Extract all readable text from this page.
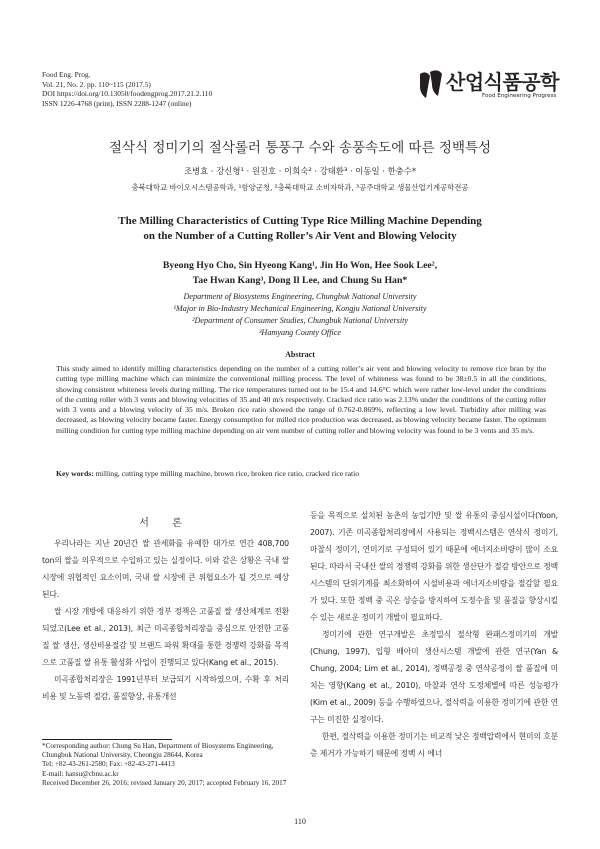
Food Eng. Prog.
Vol. 21, No. 2. pp. 110~115 (2017.5)
DOI https://doi.org/10.13050/foodengprog.2017.21.2.110
ISSN 1226-4768 (print), ISSN 2288-1247 (online)
산업식품공학
Food Engineering Progress
절삭식 정미기의 절삭롤러 통풍구 수와 송풍속도에 따른 정백특성
조병효 · 강신형¹ · 원진호 · 이희숙² · 강태환³ · 이동일 · 한충수*
충북대학교 바이오시스템공학과, ¹함양군청, ²충북대학교 소비자학과, ³공주대학교 생물산업기계공학전공
The Milling Characteristics of Cutting Type Rice Milling Machine Depending
on the Number of a Cutting Roller’s Air Vent and Blowing Velocity
Byeong Hyo Cho, Sin Hyeong Kang¹, Jin Ho Won, Hee Sook Lee²,
Tae Hwan Kang³, Dong Il Lee, and Chung Su Han*
Department of Biosystems Engineering, Chungbuk National University
¹Major in Bio-Industry Mechanical Engineering, Kongju National University
²Department of Consumer Studies, Chungbuk National University
³Hamyang County Office
Abstract
This study aimed to identify milling characteristics depending on the number of a cutting roller’s air vent and blowing velocity to remove rice bran by the cutting type milling machine which can minimize the conventional milling process. The level of whiteness was found to be 38±0.5 in all the conditions, showing consistent whiteness levels during milling. The rice temperatures turned out to be 15.4 and 14.6°C which were rather low-level under the conditions of the cutting roller with 3 vents and blowing velocities of 35 and 40 m/s respectively. Cracked rice ratio was 2.13% under the conditions of the cutting roller with 3 vents and a blowing velocity of 35 m/s. Broken rice ratio showed the range of 0.762-0.869%, reflecting a low level. Turbidity after milling was decreased, as blowing velocity became faster. Energy consumption for milled rice production was decreased, as blowing velocity became faster. The optimum milling condition for cutting type milling machine depending on air vent number of cutting roller and blowing velocity was found to be 3 vents and 35 m/s.
Key words: milling, cutting type milling machine, brown rice, broken rice ratio, cracked rice ratio
서 론

우리나라는 지난 20년간 쌀 관세화를 유예한 대가로 연간 408,700 ton의 쌀을 의무적으로 수입하고 있는 실정이다. 이와 같은 상황은 국내 쌀 시장에 위협적인 요소이며, 국내 쌀 시장에 큰 위협요소가 될 것으로 예상된다.

쌀 시장 개방에 대응하기 위한 정부 정책은 고품질 쌀 생산체계로 전환되었고(Lee et al., 2013), 최근 미곡종합처리장을 중심으로 안전한 고품질 쌀 생산, 생산비용절감 및 브랜드 파워 확대를 통한 경쟁력 강화를 목적으로 고품질 쌀 유통 활성화 사업이 진행되고 있다(Kang et al., 2015).

미곡종합처리장은 1991년부터 보급되기 시작하였으며, 수확 후 처리 비용 및 노동력 절감, 품질향상, 유통개선

등을 목적으로 설치된 농촌의 농업기반 및 쌀 유통의 중심시설이다(Yoon, 2007). 기존 미곡종합처리장에서 사용되는 정백시스템은 연삭식 정미기, 마찰식 정미기, 연미기로 구성되어 있기 때문에 에너지소비량이 많이 소요된다. 따라서 국내산 쌀의 경쟁력 강화를 위한 생산단가 절감 방안으로 정백시스템의 단위기계를 최소화하여 시설비용과 에너지소비량을 절감할 필요가 있다. 또한 정백 중 곡온 상승을 방지하여 도정수율 및 품질을 향상시킬 수 있는 새로운 정미기 개발이 필요하다.

정미기에 관한 연구개발은 초정밀식 절삭형 완패스정미기의 개발(Chung, 1997), 입형 배아미 생산시스템 개발에 관한 연구(Yan & Chung, 2004; Lim et al., 2014), 정백공정 중 연삭공정이 쌀 품질에 미치는 영향(Kang et al., 2010), 마찰과 연삭 도정체별에 따른 성능평가(Kim et al., 2009) 등을 수행하였으나, 절삭력을 이용한 정미기에 관한 연구는 미진한 실정이다.

한편, 절삭력을 이용한 정미기는 비교적 낮은 정백압력에서 현미의 호분층 제거가 가능하기 때문에 정백 시 에너

*Corresponding author: Chung Su Han, Department of Biosystems Engineering, Chungbuk National University, Cheongju 28644, Korea
Tel: +82-43-261-2580; Fax: +82-43-271-4413
E-mail: hansu@cbnu.ac.kr
Received December 26, 2016; revised January 20, 2017; accepted February 16, 2017
110
